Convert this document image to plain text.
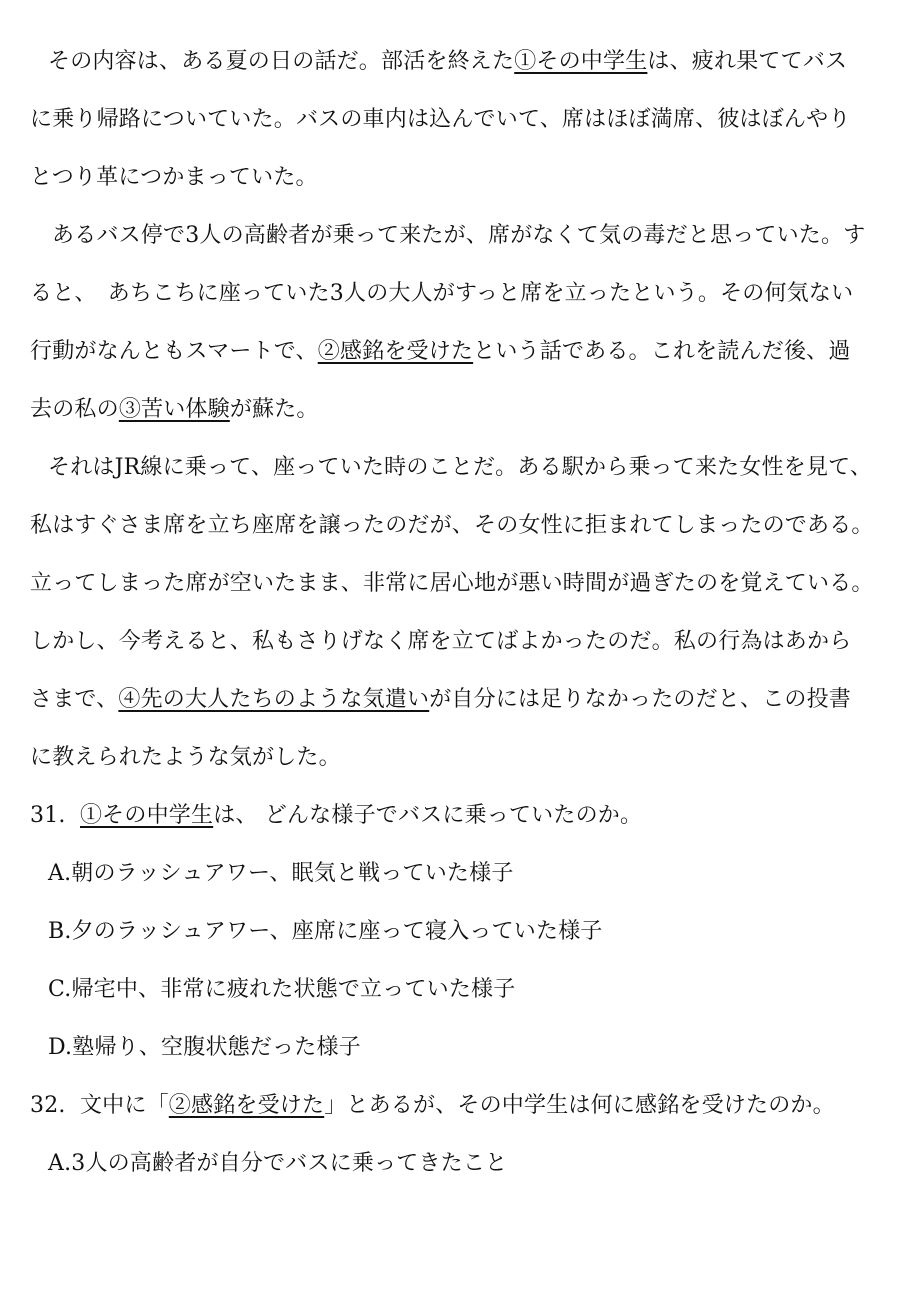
その内容は、ある夏の日の話だ。部活を終えた①その中学生は、疲れ果ててバス
に乗り帰路についていた。バスの車内は込んでいて、席はほぼ満席、彼はぼんやり
とつり革につかまっていた。
あるバス停で3人の高齢者が乗って来たが、席がなくて気の毒だと思っていた。す
ると、　あちこちに座っていた3人の大人がすっと席を立ったという。その何気ない
行動がなんともスマートで、②感銘を受けたという話である。これを読んだ後、過
去の私の③苦い体験が蘇た。
それはJR線に乗って、座っていた時のことだ。ある駅から乗って来た女性を見て、
私はすぐさま席を立ち座席を譲ったのだが、その女性に拒まれてしまったのである。
立ってしまった席が空いたまま、非常に居心地が悪い時間が過ぎたのを覚えている。
しかし、今考えると、私もさりげなく席を立てばよかったのだ。私の行為はあから
さまで、④先の大人たちのような気遣いが自分には足りなかったのだと、この投書
に教えられたような気がした。
31. ①その中学生は、 どんな様子でバスに乗っていたのか。
A.朝のラッシュアワー、眠気と戦っていた様子
B.夕のラッシュアワー、座席に座って寝入っていた様子
C.帰宅中、非常に疲れた状態で立っていた様子
D.塾帰り、空腹状態だった様子
32. 文中に「②感銘を受けた」とあるが、その中学生は何に感銘を受けたのか。
A.3人の高齢者が自分でバスに乗ってきたこと
